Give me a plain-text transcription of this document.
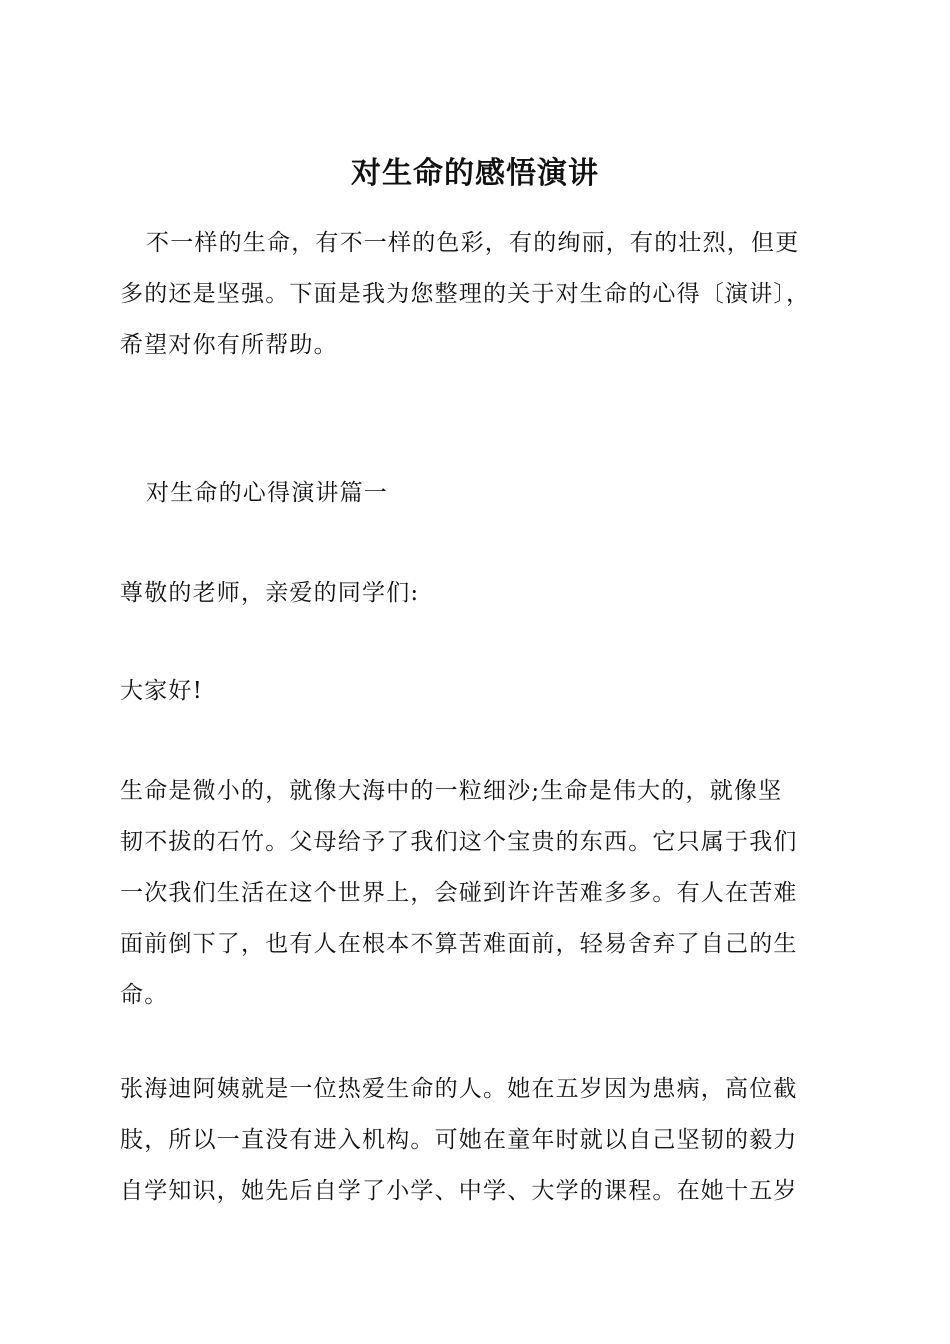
对生命的感悟演讲
不一样的生命，有不一样的色彩，有的绚丽，有的壮烈，但更
多的还是坚强。下面是我为您整理的关于对生命的心得〔演讲〕，
希望对你有所帮助。
对生命的心得演讲篇一
尊敬的老师，亲爱的同学们:
大家好!
生命是微小的，就像大海中的一粒细沙;生命是伟大的，就像坚
韧不拔的石竹。父母给予了我们这个宝贵的东西。它只属于我们
一次我们生活在这个世界上，会碰到许许苦难多多。有人在苦难
面前倒下了，也有人在根本不算苦难面前，轻易舍弃了自己的生
命。
张海迪阿姨就是一位热爱生命的人。她在五岁因为患病，高位截
肢，所以一直没有进入机构。可她在童年时就以自己坚韧的毅力
自学知识，她先后自学了小学、中学、大学的课程。在她十五岁
